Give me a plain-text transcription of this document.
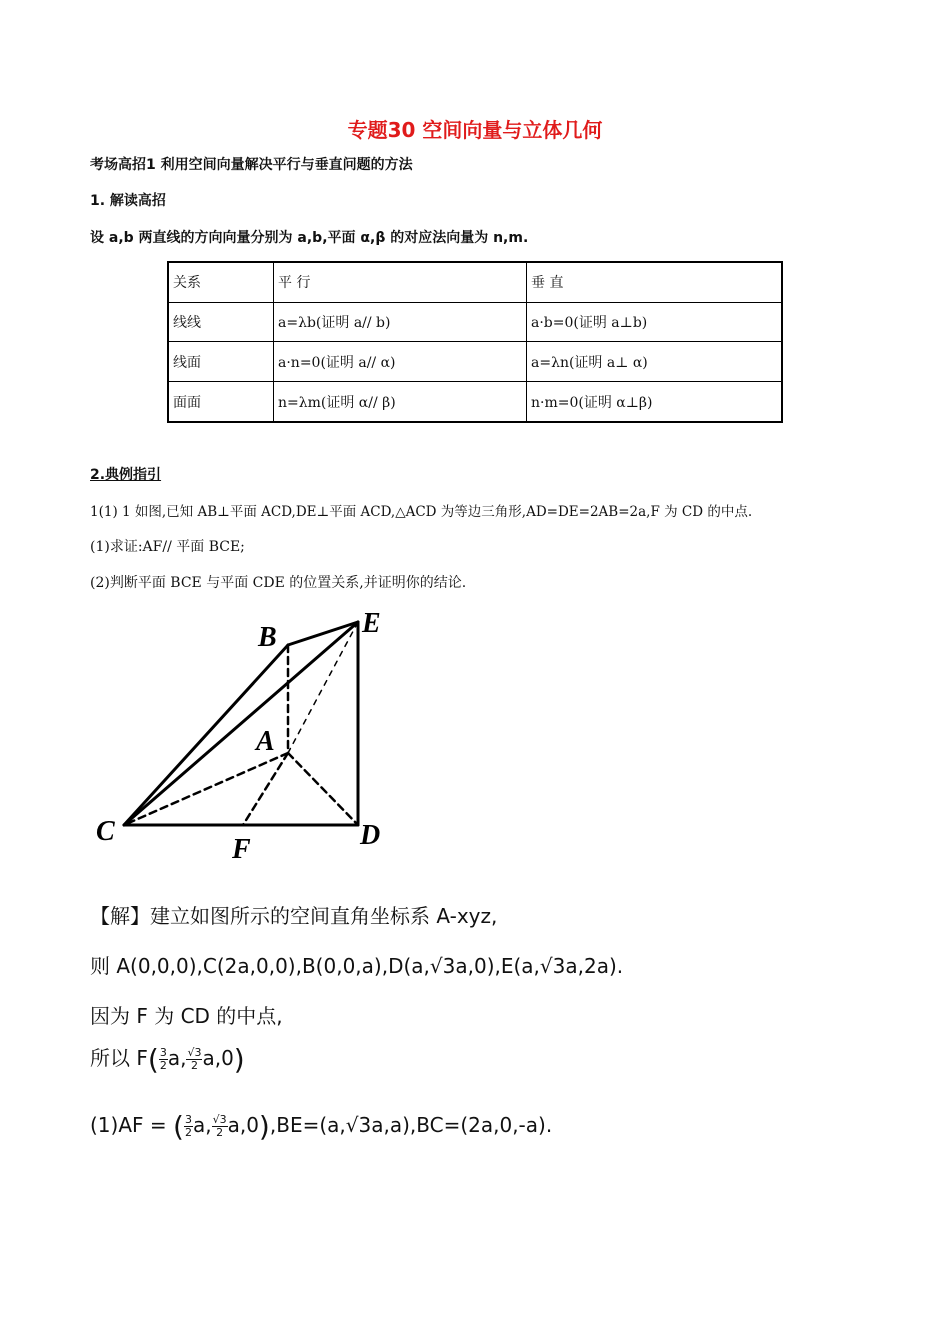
专题30 空间向量与立体几何
考场高招1 利用空间向量解决平行与垂直问题的方法
1. 解读高招
设 a,b 两直线的方向向量分别为 a,b,平面 α,β 的对应法向量为 n,m.
关系	平 行	垂 直
线线	a=λb(证明 a// b)	a·b=0(证明 a⊥b)
线面	a·n=0(证明 a// α)	a=λn(证明 a⊥ α)
面面	n=λm(证明 α// β)	n·m=0(证明 α⊥β)
2.典例指引
1(1) 1 如图,已知 AB⊥平面 ACD,DE⊥平面 ACD,△ACD 为等边三角形,AD=DE=2AB=2a,F 为 CD 的中点.
(1)求证:AF// 平面 BCE;
(2)判断平面 BCE 与平面 CDE 的位置关系,并证明你的结论.
B	E
A
C
F	D
【解】建立如图所示的空间直角坐标系 A-xyz,
则 A(0,0,0),C(2a,0,0),B(0,0,a),D(a,√3a,0),E(a,√3a,2a).
因为 F 为 CD 的中点,
所以 $F( \frac{3}{2} a$, $\frac{√3}{2} a,0$)
(1)AF = ( $\frac{3}{2} a$, $\frac{√3}{2} a,0),BE=(a,√3a,a),BC=(2a,0,-a)$.
